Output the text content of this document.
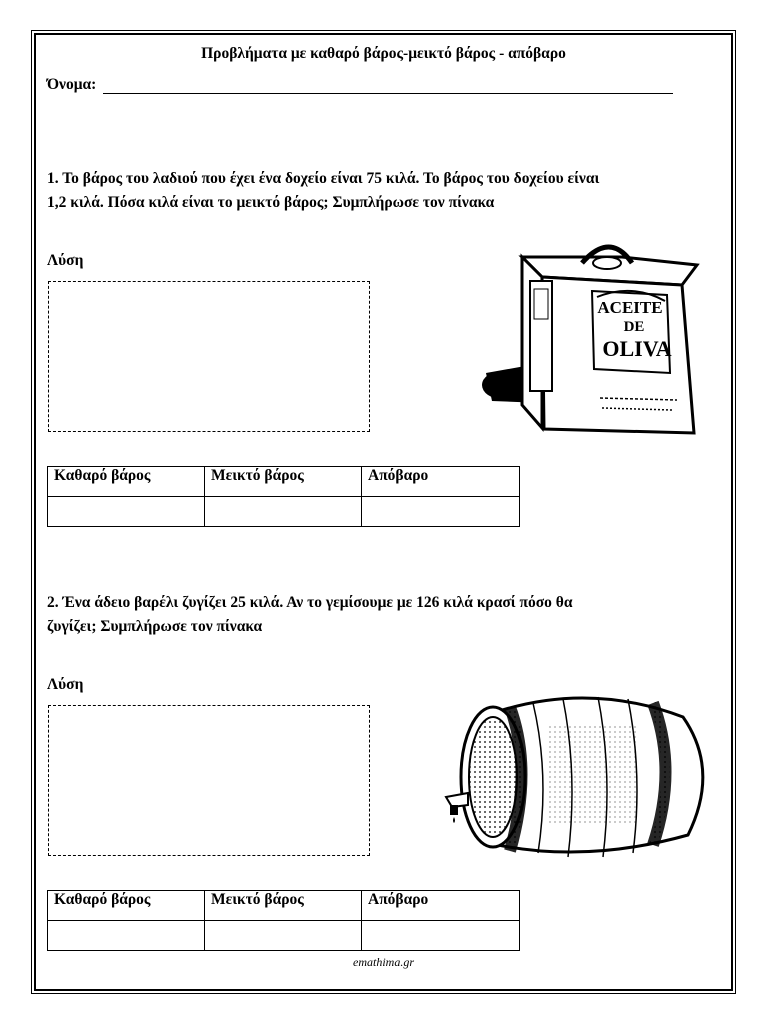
Προβλήματα με καθαρό βάρος-μεικτό βάρος - απόβαρο
Όνομα:
1. Το βάρος του λαδιού που έχει ένα δοχείο είναι 75 κιλά. Το βάρος του δοχείου είναι
1,2 κιλά. Πόσα κιλά είναι το μεικτό βάρος; Συμπλήρωσε τον πίνακα
Λύση
ACEITE
DE
OLIVA
Καθαρό βάρος	Μεικτό βάρος	Απόβαρο

2. Ένα άδειο βαρέλι ζυγίζει 25 κιλά. Αν το γεμίσουμε με 126 κιλά κρασί πόσο θα
ζυγίζει; Συμπλήρωσε τον πίνακα
Λύση
Καθαρό βάρος	Μεικτό βάρος	Απόβαρο

emathima.gr
